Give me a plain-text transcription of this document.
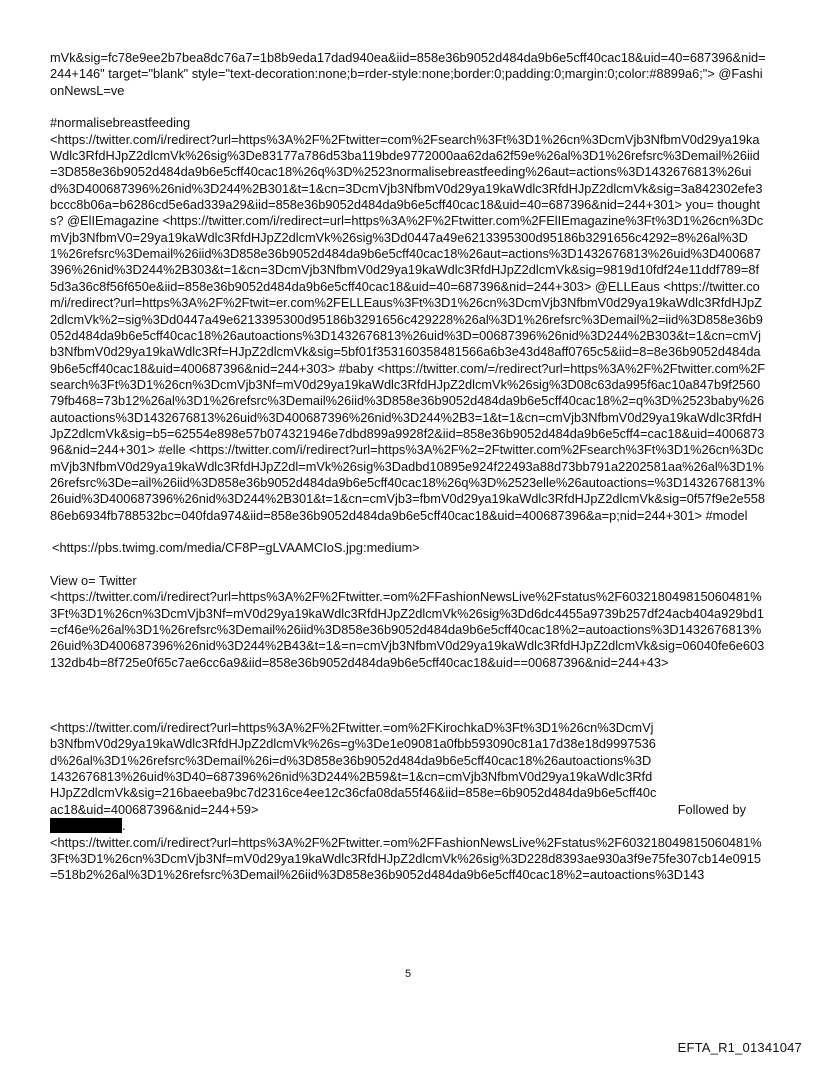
mVk&sig=fc78e9ee2b7bea8dc76a7=1b8b9eda17dad940ea&iid=858e36b9052d484da9b6e5cff40cac18&uid=40=687396&nid=244+146" target="blank" style="text-decoration:none;b=rder-style:none;border:0;padding:0;margin:0;color:#8899a6;"> @FashionNewsL=ve

#normalisebreastfeeding

<https://twitter.com/i/redirect?url=https%3A%2F%2Ftwitter=com%2Fsearch%3Ft%3D1%26cn%3DcmVjb3NfbmV0d29ya19kaWdlc3RfdHJpZ2dlcmVk%26sig%3De83177a786d53ba119bde9772000aa62da62f59e%26al%3D1%26refsrc%3Demail%26iid=3D858e36b9052d484da9b6e5cff40cac18%26q%3D%2523normalisebreastfeeding%26aut=actions%3D1432676813%26uid%3D400687396%26nid%3D244%2B301&t=1&cn=3DcmVjb3NfbmV0d29ya19kaWdlc3RfdHJpZ2dlcmVk&sig=3a842302efe3bccc8b06a=b6286cd5e6ad339a29&iid=858e36b9052d484da9b6e5cff40cac18&uid=40=687396&nid=244+301> you= thoughts? @ElIEmagazine <https://twitter.com/i/redirect=url=https%3A%2F%2Ftwitter.com%2FElIEmagazine%3Ft%3D1%26cn%3DcmVjb3NfbmV0=29ya19kaWdlc3RfdHJpZ2dlcmVk%26sig%3Dd0447a49e6213395300d95186b3291656c4292=8%26al%3D1%26refsrc%3Demail%26iid%3D858e36b9052d484da9b6e5cff40cac18%26aut=actions%3D1432676813%26uid%3D400687396%26nid%3D244%2B303&t=1&cn=3DcmVjb3NfbmV0d29ya19kaWdlc3RfdHJpZ2dlcmVk&sig=9819d10fdf24e11ddf789=8f5d3a36c8f56f650e&iid=858e36b9052d484da9b6e5cff40cac18&uid=40=687396&nid=244+303> @ELLEaus <https://twitter.com/i/redirect?url=https%3A%2F%2Ftwit=er.com%2FELLEaus%3Ft%3D1%26cn%3DcmVjb3NfbmV0d29ya19kaWdlc3RfdHJpZ2dlcmVk%2=sig%3Dd0447a49e6213395300d95186b3291656c429228%26al%3D1%26refsrc%3Demail%2=iid%3D858e36b9052d484da9b6e5cff40cac18%26autoactions%3D1432676813%26uid%3D=00687396%26nid%3D244%2B303&t=1&cn=cmVjb3NfbmV0d29ya19kaWdlc3Rf=HJpZ2dlcmVk&sig=5bf01f353160358481566a6b3e43d48aff0765c5&iid=8=8e36b9052d484da9b6e5cff40cac18&uid=400687396&nid=244+303> #baby <https://twitter.com/=/redirect?url=https%3A%2F%2Ftwitter.com%2Fsearch%3Ft%3D1%26cn%3DcmVjb3Nf=mV0d29ya19kaWdlc3RfdHJpZ2dlcmVk%26sig%3D08c63da995f6ac10a847b9f256079fb468=73b12%26al%3D1%26refsrc%3Demail%26iid%3D858e36b9052d484da9b6e5cff40cac18%2=q%3D%2523baby%26autoactions%3D1432676813%26uid%3D400687396%26nid%3D244%2B3=1&t=1&cn=cmVjb3NfbmV0d29ya19kaWdlc3RfdHJpZ2dlcmVk&sig=b5=62554e898e57b074321946e7dbd899a9928f2&iid=858e36b9052d484da9b6e5cff4=cac18&uid=400687396&nid=244+301> #elle <https://twitter.com/i/redirect?url=https%3A%2F%2=2Ftwitter.com%2Fsearch%3Ft%3D1%26cn%3DcmVjb3NfbmV0d29ya19kaWdlc3RfdHJpZ2dl=mVk%26sig%3Dadbd10895e924f22493a88d73bb791a2202581aa%26al%3D1%26refsrc%3De=ail%26iid%3D858e36b9052d484da9b6e5cff40cac18%26q%3D%2523elle%26autoactions=%3D1432676813%26uid%3D400687396%26nid%3D244%2B301&t=1&cn=cmVjb3=fbmV0d29ya19kaWdlc3RfdHJpZ2dlcmVk&sig=0f57f9e2e55886eb6934fb788532bc=040fda974&iid=858e36b9052d484da9b6e5cff40cac18&uid=400687396&a=p;nid=244+301> #model

<https://pbs.twimg.com/media/CF8P=gLVAAMCIoS.jpg:medium>

View o= Twitter

<https://twitter.com/i/redirect?url=https%3A%2F%2Ftwitter.=om%2FFashionNewsLive%2Fstatus%2F603218049815060481%3Ft%3D1%26cn%3DcmVjb3Nf=mV0d29ya19kaWdlc3RfdHJpZ2dlcmVk%26sig%3Dd6dc4455a9739b257df24acb404a929bd1=cf46e%26al%3D1%26refsrc%3Demail%26iid%3D858e36b9052d484da9b6e5cff40cac18%2=autoactions%3D1432676813%26uid%3D400687396%26nid%3D244%2B43&t=1&=n=cmVjb3NfbmV0d29ya19kaWdlc3RfdHJpZ2dlcmVk&sig=06040fe6e603132db4b=8f725e0f65c7ae6cc6a9&iid=858e36b9052d484da9b6e5cff40cac18&uid==00687396&nid=244+43>

<https://twitter.com/i/redirect?url=https%3A%2F%2Ftwitter.=om%2FKirochkaD%3Ft%3D1%26cn%3DcmVjb3NfbmV0d29ya19kaWdlc3RfdHJpZ2dlcmVk%26s=g%3De1e09081a0fbb593090c81a17d38e18d9997536d%26al%3D1%26refsrc%3Demail%26i=d%3D858e36b9052d484da9b6e5cff40cac18%26autoactions%3D1432676813%26uid%3D40=687396%26nid%3D244%2B59&t=1&cn=cmVjb3NfbmV0d29ya19kaWdlc3RfdHJpZ2dlcmVk&sig=216baeeba9bc7d2316ce4ee12c36cfa08da55f46&iid=858e=6b9052d484da9b6e5cff40cac18&uid=400687396&nid=244+59>	Followed by

.

<https://twitter.com/i/redirect?url=https%3A%2F%2Ftwitter.=om%2FFashionNewsLive%2Fstatus%2F603218049815060481%3Ft%3D1%26cn%3DcmVjb3Nf=mV0d29ya19kaWdlc3RfdHJpZ2dlcmVk%26sig%3D228d8393ae930a3f9e75fe307cb14e0915=518b2%26al%3D1%26refsrc%3Demail%26iid%3D858e36b9052d484da9b6e5cff40cac18%2=autoactions%3D143

5
EFTA_R1_01341047
